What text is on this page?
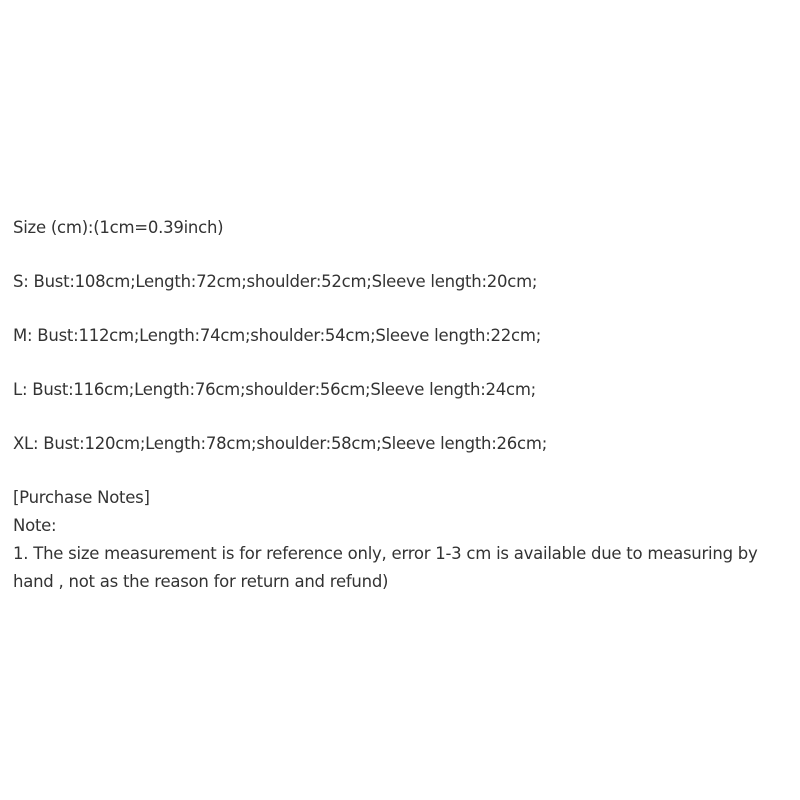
Size (cm):(1cm=0.39inch)

S: Bust:108cm;Length:72cm;shoulder:52cm;Sleeve length:20cm;

M: Bust:112cm;Length:74cm;shoulder:54cm;Sleeve length:22cm;

L: Bust:116cm;Length:76cm;shoulder:56cm;Sleeve length:24cm;

XL: Bust:120cm;Length:78cm;shoulder:58cm;Sleeve length:26cm;

[Purchase Notes]

Note:

1. The size measurement is for reference only, error 1-3 cm is available due to measuring by hand , not as the reason for return and refund)
